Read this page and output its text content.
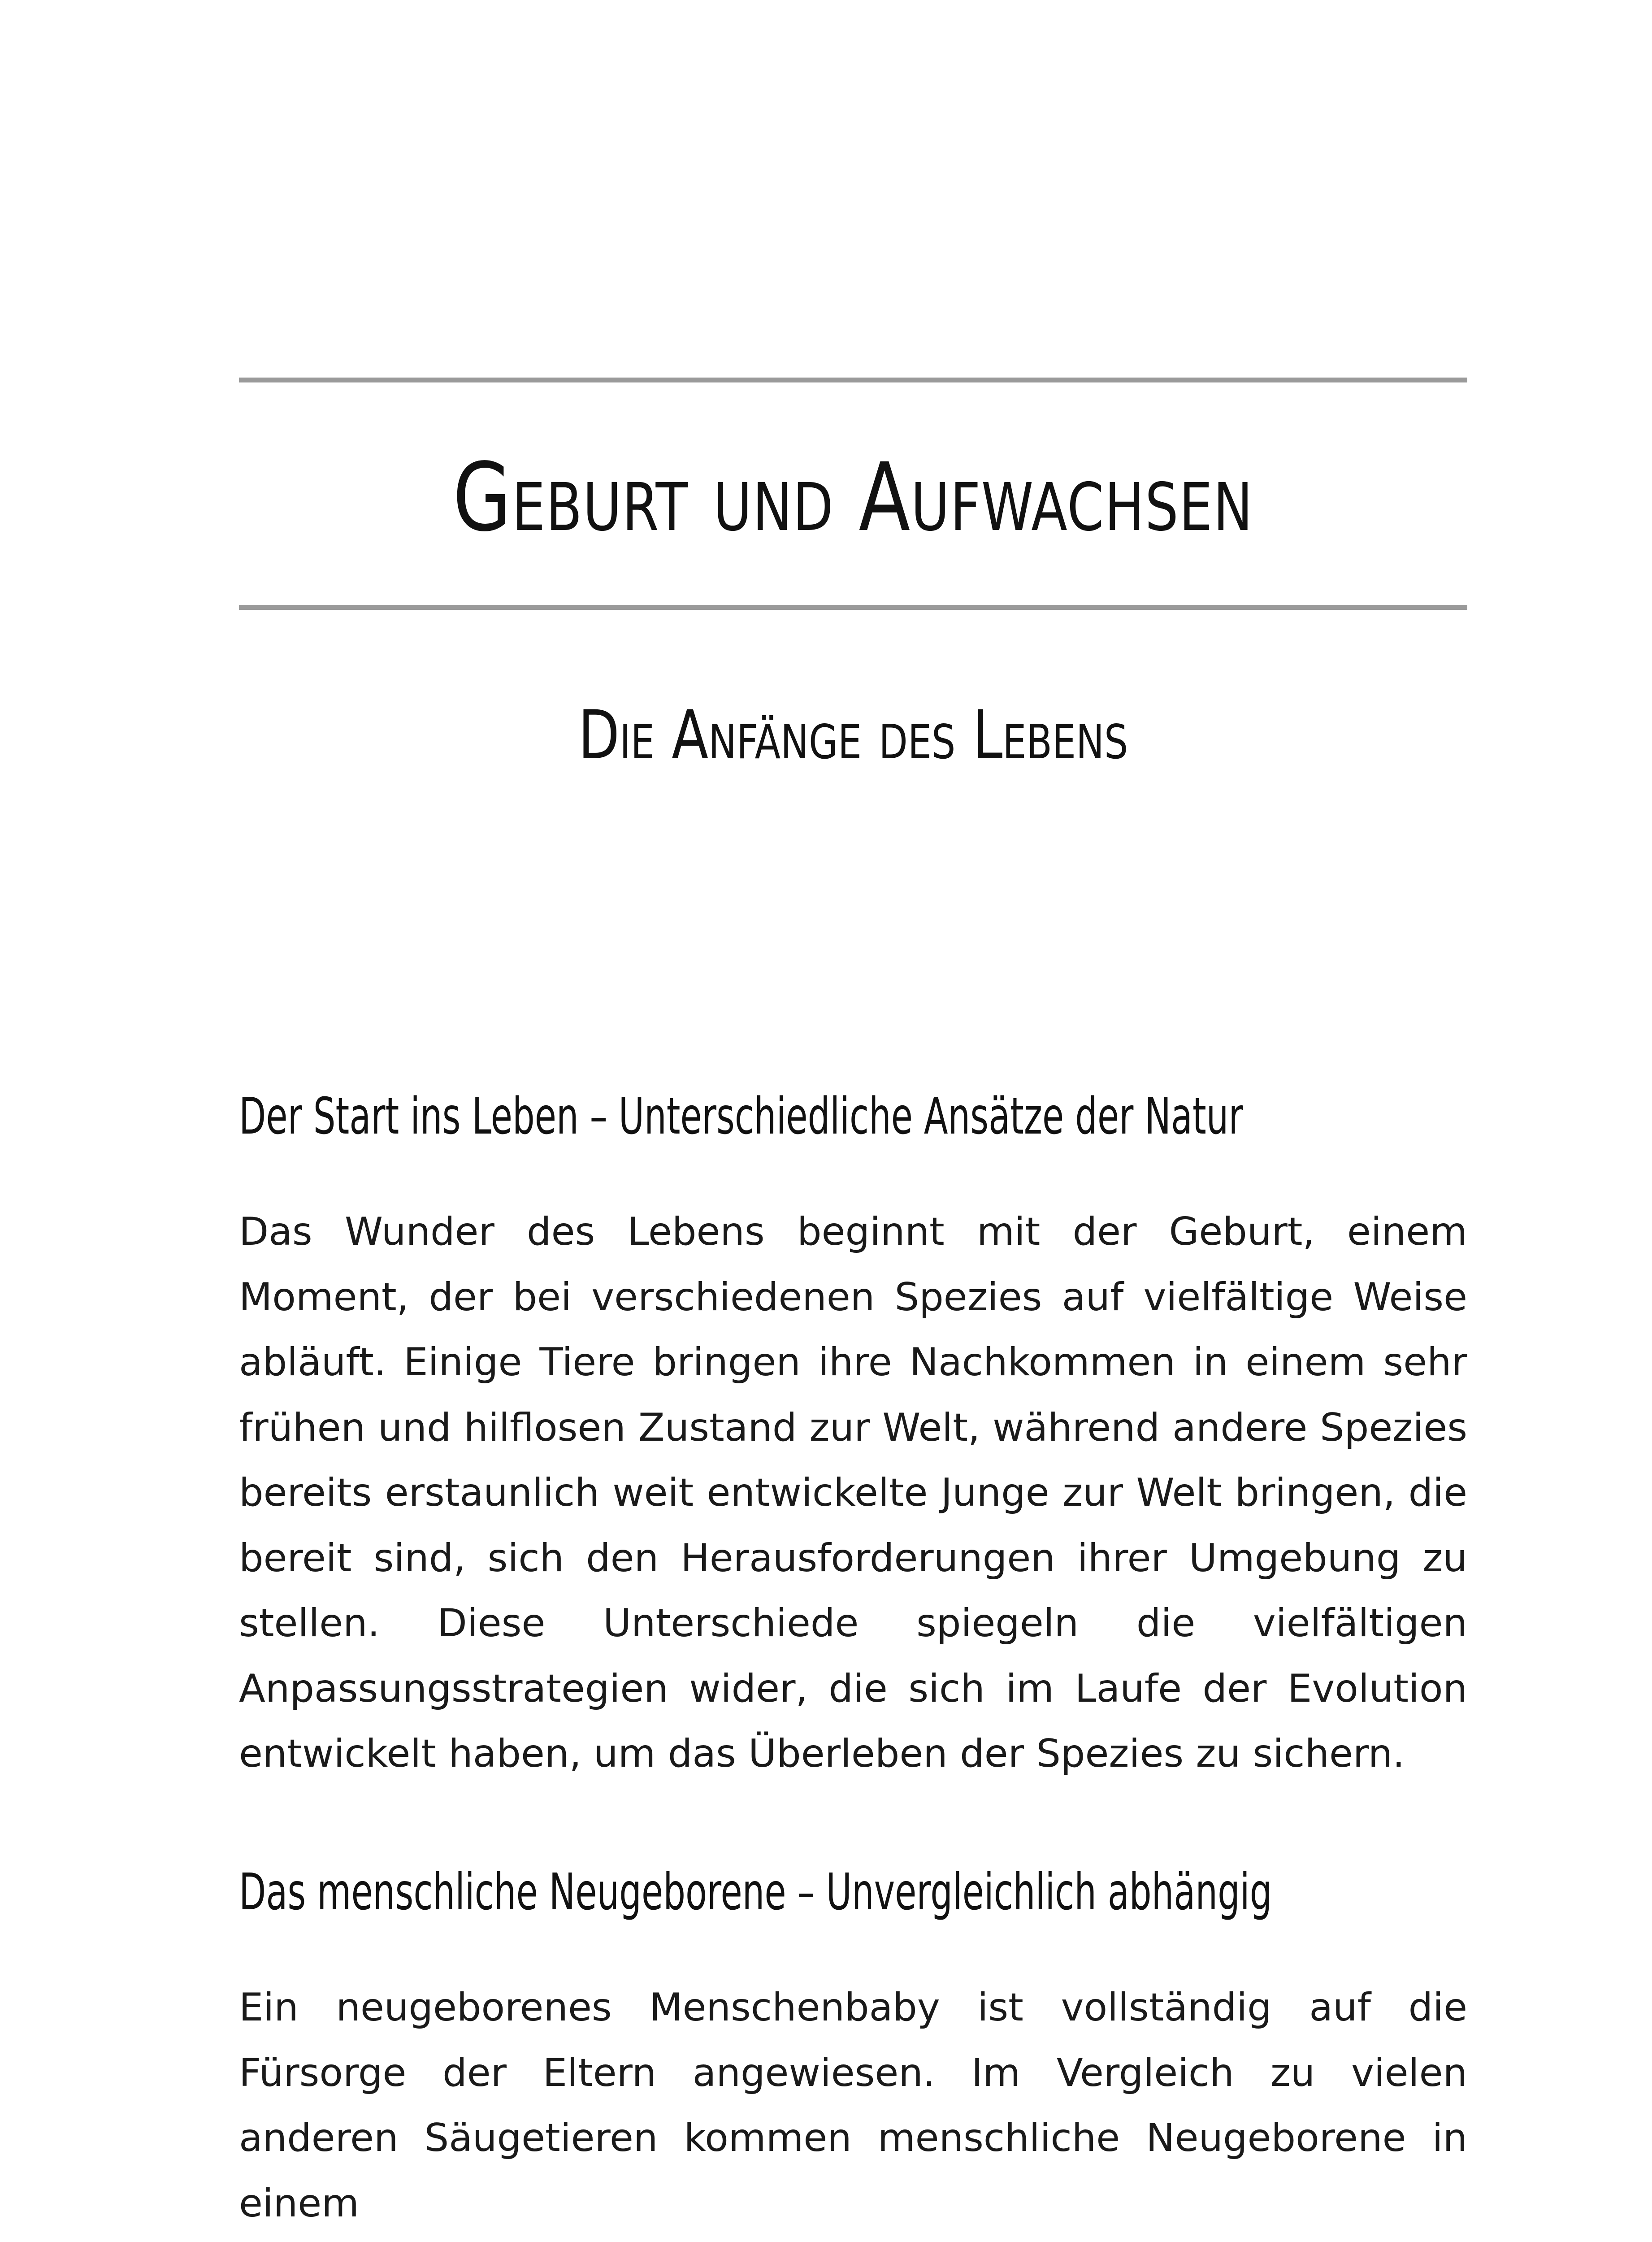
Geburt und Aufwachsen
Die Anfänge des Lebens
Der Start ins Leben – Unterschiedliche Ansätze der Natur

Das Wunder des Lebens beginnt mit der Geburt, einem Moment, der bei verschiedenen Spezies auf vielfältige Weise abläuft. Einige Tiere bringen ihre Nachkommen in einem sehr frühen und hilflosen Zustand zur Welt, während andere Spezies bereits erstaunlich weit entwickelte Junge zur Welt bringen, die bereit sind, sich den Herausforderungen ihrer Umgebung zu stellen. Diese Unterschiede spiegeln die vielfältigen Anpassungsstrategien wider, die sich im Laufe der Evolution entwickelt haben, um das Überleben der Spezies zu sichern.

Das menschliche Neugeborene – Unvergleichlich abhängig

Ein neugeborenes Menschenbaby ist vollständig auf die Fürsorge der Eltern angewiesen. Im Vergleich zu vielen anderen Säugetieren kommen menschliche Neugeborene in einem
